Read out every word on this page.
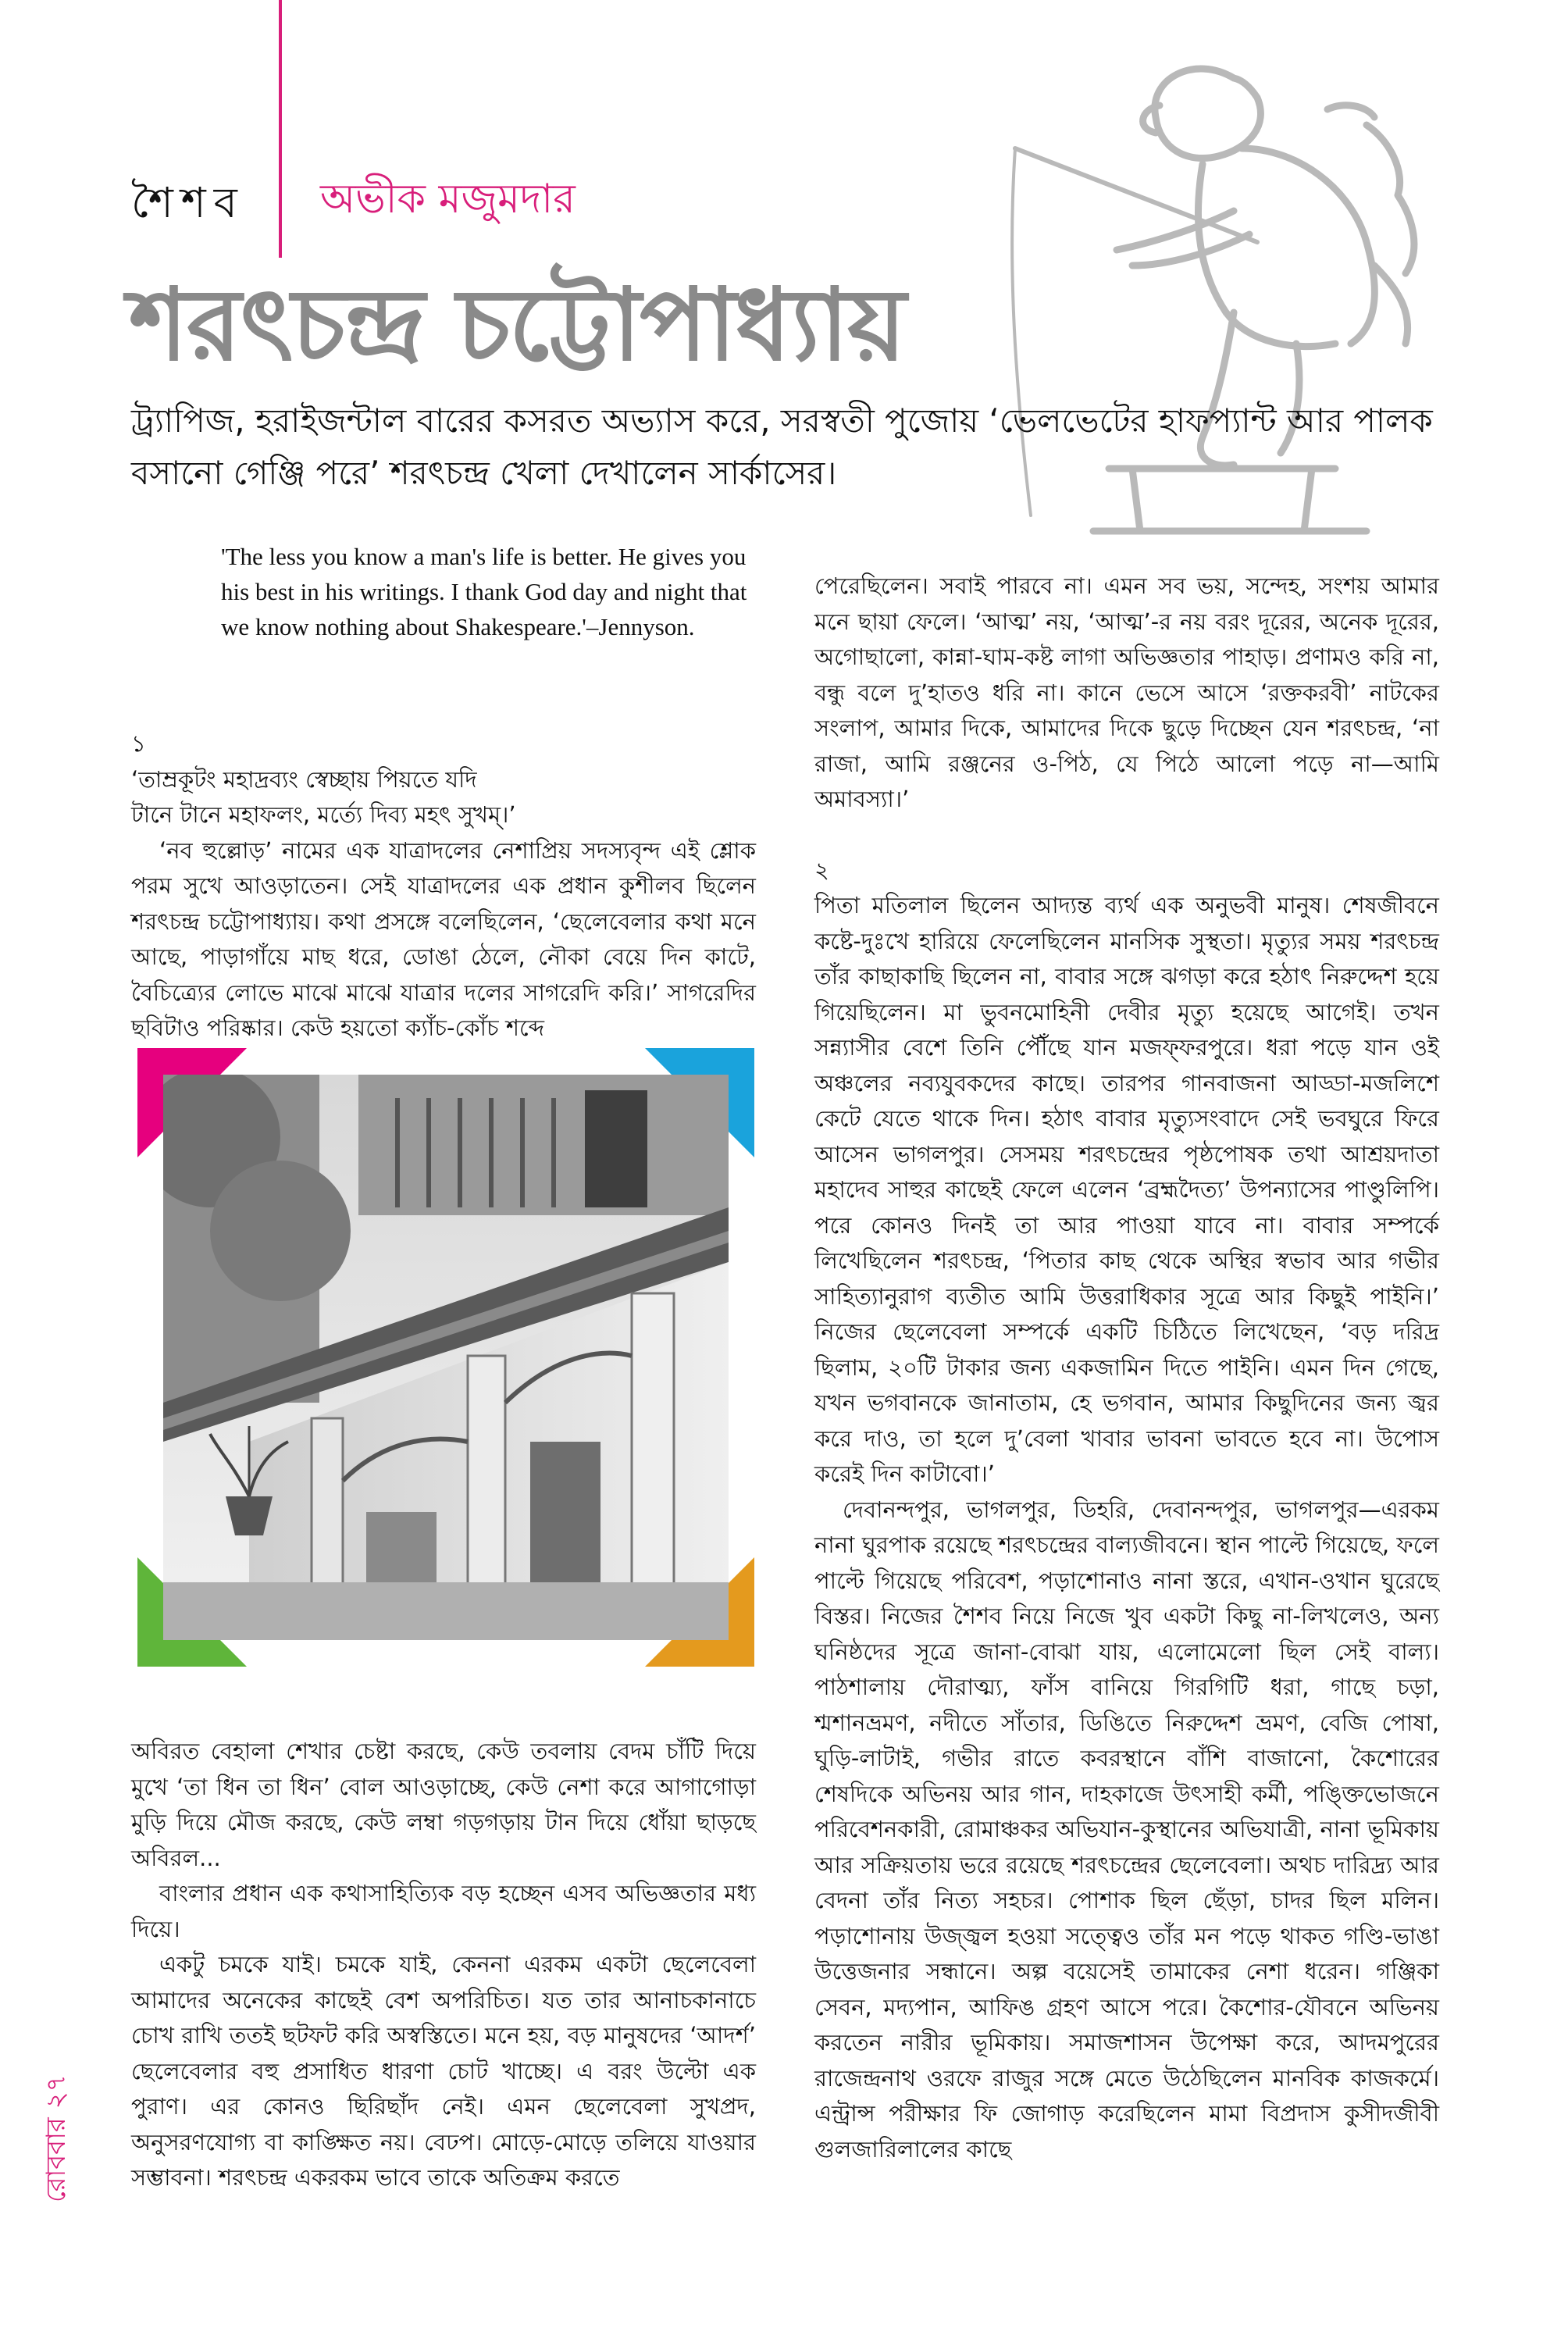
শৈশব অভীক মজুমদার
শরৎচন্দ্র চট্টোপাধ্যায়
ট্র্যাপিজ, হরাইজন্টাল বারের কসরত অভ্যাস করে, সরস্বতী পুজোয় ‘ভেলভেটের হাফপ্যান্ট আর পালক বসানো গেঞ্জি পরে’ শরৎচন্দ্র খেলা দেখালেন সার্কাসের।
'The less you know a man's life is better. He gives you his best in his writings. I thank God day and night that we know nothing about Shakespeare.'–Jennyson.

১

‘তাম্রকূটং মহাদ্রব্যং স্বেচ্ছায় পিয়তে যদি

টানে টানে মহাফলং, মর্ত্যে দিব্য মহৎ সুখম্।’

‘নব হুল্লোড়’ নামের এক যাত্রাদলের নেশাপ্রিয় সদস্যবৃন্দ এই শ্লোক পরম সুখে আওড়াতেন। সেই যাত্রাদলের এক প্রধান কুশীলব ছিলেন শরৎচন্দ্র চট্টোপাধ্যায়। কথা প্রসঙ্গে বলেছিলেন, ‘ছেলেবেলার কথা মনে আছে, পাড়াগাঁয়ে মাছ ধরে, ডোঙা ঠেলে, নৌকা বেয়ে দিন কাটে, বৈচিত্র্যের লোভে মাঝে মাঝে যাত্রার দলের সাগরেদি করি।’ সাগরেদির ছবিটাও পরিষ্কার। কেউ হয়তো ক্যাঁচ-কোঁচ শব্দে

অবিরত বেহালা শেখার চেষ্টা করছে, কেউ তবলায় বেদম চাঁটি দিয়ে মুখে ‘তা ধিন তা ধিন’ বোল আওড়াচ্ছে, কেউ নেশা করে আগাগোড়া মুড়ি দিয়ে মৌজ করছে, কেউ লম্বা গড়গড়ায় টান দিয়ে ধোঁয়া ছাড়ছে অবিরল...

বাংলার প্রধান এক কথাসাহিত্যিক বড় হচ্ছেন এসব অভিজ্ঞতার মধ্য দিয়ে।

একটু চমকে যাই। চমকে যাই, কেননা এরকম একটা ছেলেবেলা আমাদের অনেকের কাছেই বেশ অপরিচিত। যত তার আনাচকানাচে চোখ রাখি ততই ছটফট করি অস্বস্তিতে। মনে হয়, বড় মানুষদের ‘আদর্শ’ ছেলেবেলার বহু প্রসাধিত ধারণা চোট খাচ্ছে। এ বরং উল্টো এক পুরাণ। এর কোনও ছিরিছাঁদ নেই। এমন ছেলেবেলা সুখপ্রদ, অনুসরণযোগ্য বা কাঙ্ক্ষিত নয়। বেঢপ। মোড়ে-মোড়ে তলিয়ে যাওয়ার সম্ভাবনা। শরৎচন্দ্র একরকম ভাবে তাকে অতিক্রম করতে

পেরেছিলেন। সবাই পারবে না। এমন সব ভয়, সন্দেহ, সংশয় আমার মনে ছায়া ফেলে। ‘আত্ম’ নয়, ‘আত্ম’-র নয় বরং দূরের, অনেক দূরের, অগোছালো, কান্না-ঘাম-কষ্ট লাগা অভিজ্ঞতার পাহাড়। প্রণামও করি না, বন্ধু বলে দু’হাতও ধরি না। কানে ভেসে আসে ‘রক্তকরবী’ নাটকের সংলাপ, আমার দিকে, আমাদের দিকে ছুড়ে দিচ্ছেন যেন শরৎচন্দ্র, ‘না রাজা, আমি রঞ্জনের ও-পিঠ, যে পিঠে আলো পড়ে না—আমি অমাবস্যা।’

২

পিতা মতিলাল ছিলেন আদ্যন্ত ব্যর্থ এক অনুভবী মানুষ। শেষজীবনে কষ্টে-দুঃখে হারিয়ে ফেলেছিলেন মানসিক সুস্থতা। মৃত্যুর সময় শরৎচন্দ্র তাঁর কাছাকাছি ছিলেন না, বাবার সঙ্গে ঝগড়া করে হঠাৎ নিরুদ্দেশ হয়ে গিয়েছিলেন। মা ভুবনমোহিনী দেবীর মৃত্যু হয়েছে আগেই। তখন সন্ন্যাসীর বেশে তিনি পৌঁছে যান মজফ্ফরপুরে। ধরা পড়ে যান ওই অঞ্চলের নব্যযুবকদের কাছে। তারপর গানবাজনা আড্ডা-মজলিশে কেটে যেতে থাকে দিন। হঠাৎ বাবার মৃত্যুসংবাদে সেই ভবঘুরে ফিরে আসেন ভাগলপুর। সেসময় শরৎচন্দ্রের পৃষ্ঠপোষক তথা আশ্রয়দাতা মহাদেব সাহুর কাছেই ফেলে এলেন ‘ব্রহ্মদৈত্য’ উপন্যাসের পাণ্ডুলিপি। পরে কোনও দিনই তা আর পাওয়া যাবে না। বাবার সম্পর্কে লিখেছিলেন শরৎচন্দ্র, ‘পিতার কাছ থেকে অস্থির স্বভাব আর গভীর সাহিত্যানুরাগ ব্যতীত আমি উত্তরাধিকার সূত্রে আর কিছুই পাইনি।’ নিজের ছেলেবেলা সম্পর্কে একটি চিঠিতে লিখেছেন, ‘বড় দরিদ্র ছিলাম, ২০টি টাকার জন্য একজামিন দিতে পাইনি। এমন দিন গেছে, যখন ভগবানকে জানাতাম, হে ভগবান, আমার কিছুদিনের জন্য জ্বর করে দাও, তা হলে দু’বেলা খাবার ভাবনা ভাবতে হবে না। উপোস করেই দিন কাটাবো।’

দেবানন্দপুর, ভাগলপুর, ডিহরি, দেবানন্দপুর, ভাগলপুর—এরকম নানা ঘুরপাক রয়েছে শরৎচন্দ্রের বাল্যজীবনে। স্থান পাল্টে গিয়েছে, ফলে পাল্টে গিয়েছে পরিবেশ, পড়াশোনাও নানা স্তরে, এখান-ওখান ঘুরেছে বিস্তর। নিজের শৈশব নিয়ে নিজে খুব একটা কিছু না-লিখলেও, অন্য ঘনিষ্ঠদের সূত্রে জানা-বোঝা যায়, এলোমেলো ছিল সেই বাল্য। পাঠশালায় দৌরাত্ম্য, ফাঁস বানিয়ে গিরগিটি ধরা, গাছে চড়া, শ্মশানভ্রমণ, নদীতে সাঁতার, ডিঙিতে নিরুদ্দেশ ভ্রমণ, বেজি পোষা, ঘুড়ি-লাটাই, গভীর রাতে কবরস্থানে বাঁশি বাজানো, কৈশোরের শেষদিকে অভিনয় আর গান, দাহকাজে উৎসাহী কর্মী, পঙ্ক্তিভোজনে পরিবেশনকারী, রোমাঞ্চকর অভিযান-কুস্থানের অভিযাত্রী, নানা ভূমিকায় আর সক্রিয়তায় ভরে রয়েছে শরৎচন্দ্রের ছেলেবেলা। অথচ দারিদ্র্য আর বেদনা তাঁর নিত্য সহচর। পোশাক ছিল ছেঁড়া, চাদর ছিল মলিন। পড়াশোনায় উজ্জ্বল হওয়া সত্ত্বেও তাঁর মন পড়ে থাকত গণ্ডি-ভাঙা উত্তেজনার সন্ধানে। অল্প বয়েসেই তামাকের নেশা ধরেন। গঞ্জিকা সেবন, মদ্যপান, আফিঙ গ্রহণ আসে পরে। কৈশোর-যৌবনে অভিনয় করতেন নারীর ভূমিকায়। সমাজশাসন উপেক্ষা করে, আদমপুরের রাজেন্দ্রনাথ ওরফে রাজুর সঙ্গে মেতে উঠেছিলেন মানবিক কাজকর্মে। এন্ট্রান্স পরীক্ষার ফি জোগাড় করেছিলেন মামা বিপ্রদাস কুসীদজীবী গুলজারিলালের কাছে

রোববার ২৭
